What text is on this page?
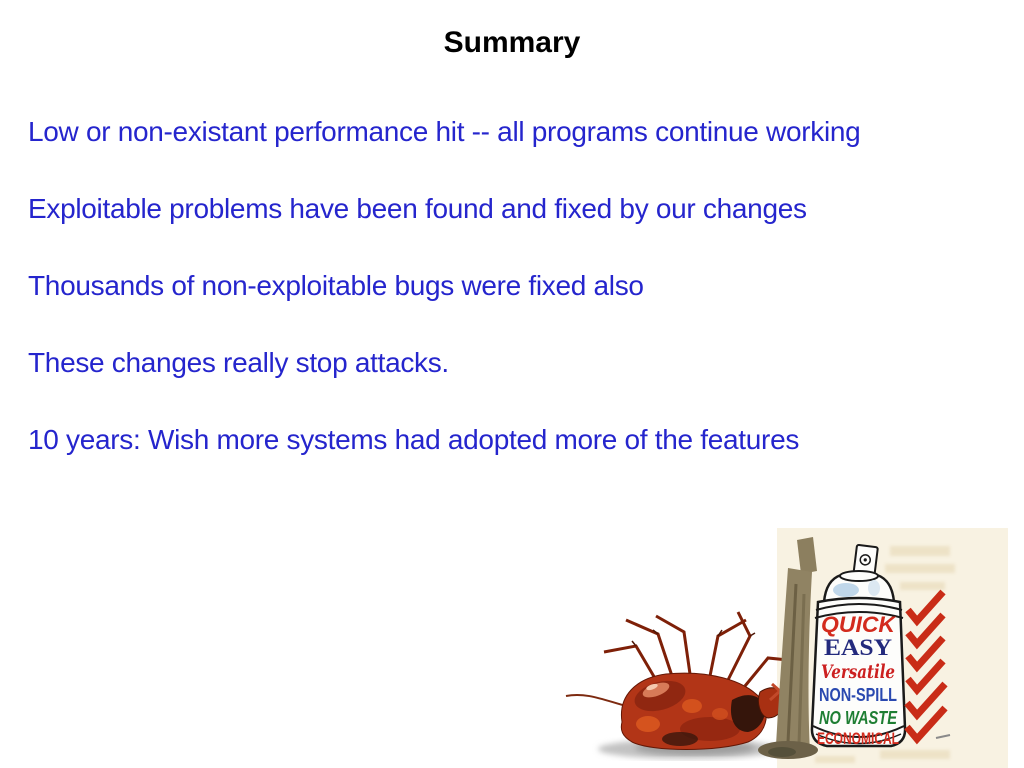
Summary

Low or non-existant performance hit -- all programs continue working

Exploitable problems have been found and fixed by our changes

Thousands of non-exploitable bugs were fixed also

These changes really stop attacks.

10 years: Wish more systems had adopted more of the features

QUICK
EASY
Versatile
NON-SPILL
NO WASTE
ECONOMICAL
